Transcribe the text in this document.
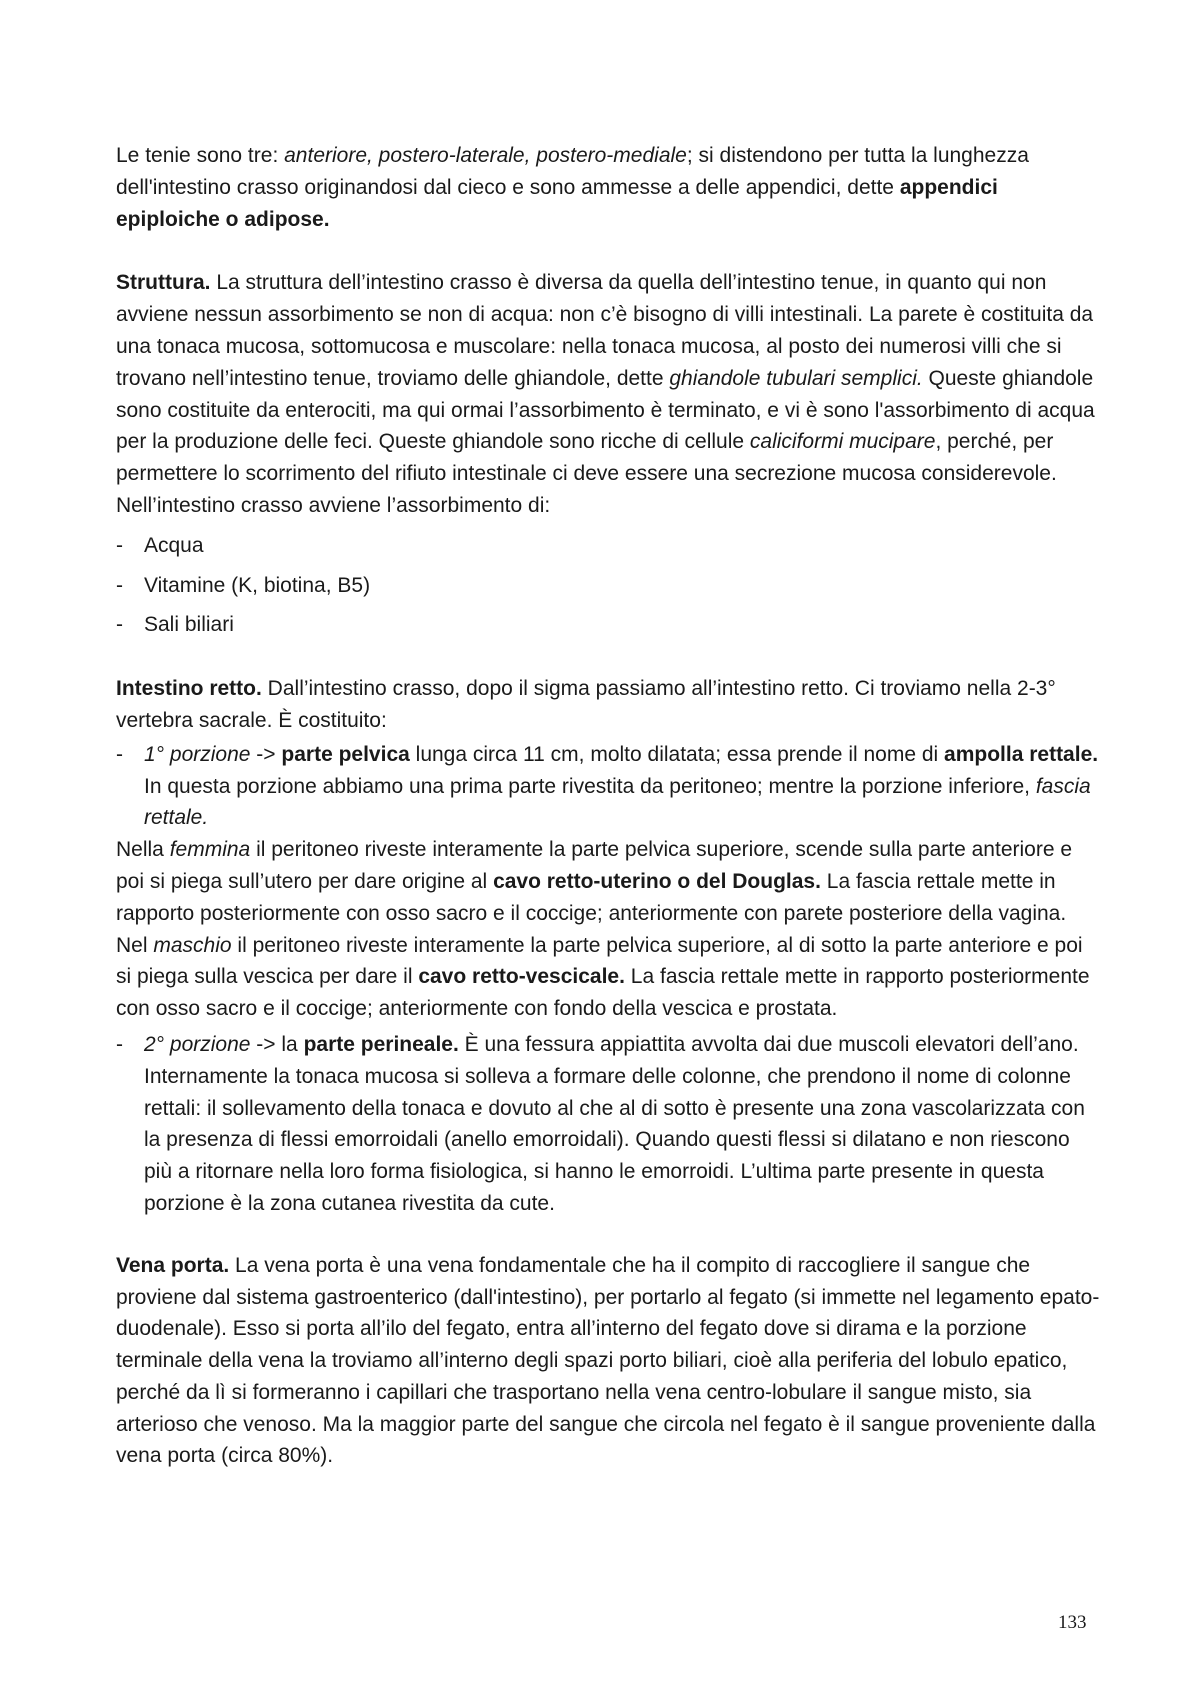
Le tenie sono tre: anteriore, postero-laterale, postero-mediale; si distendono per tutta la lunghezza dell'intestino crasso originandosi dal cieco e sono ammesse a delle appendici, dette appendici epiploiche o adipose.

Struttura. La struttura dell’intestino crasso è diversa da quella dell’intestino tenue, in quanto qui non avviene nessun assorbimento se non di acqua: non c’è bisogno di villi intestinali. La parete è costituita da una tonaca mucosa, sottomucosa e muscolare: nella tonaca mucosa, al posto dei numerosi villi che si trovano nell’intestino tenue, troviamo delle ghiandole, dette ghiandole tubulari semplici. Queste ghiandole sono costituite da enterociti, ma qui ormai l’assorbimento è terminato, e vi è sono l'assorbimento di acqua per la produzione delle feci. Queste ghiandole sono ricche di cellule caliciformi mucipare, perché, per permettere lo scorrimento del rifiuto intestinale ci deve essere una secrezione mucosa considerevole. Nell’intestino crasso avviene l’assorbimento di:

- Acqua
- Vitamine (K, biotina, B5)
- Sali biliari

Intestino retto. Dall’intestino crasso, dopo il sigma passiamo all’intestino retto. Ci troviamo nella 2-3° vertebra sacrale. È costituito:

- 1° porzione -> parte pelvica lunga circa 11 cm, molto dilatata; essa prende il nome di ampolla rettale. In questa porzione abbiamo una prima parte rivestita da peritoneo; mentre la porzione inferiore, fascia rettale.

Nella femmina il peritoneo riveste interamente la parte pelvica superiore, scende sulla parte anteriore e poi si piega sull’utero per dare origine al cavo retto-uterino o del Douglas. La fascia rettale mette in rapporto posteriormente con osso sacro e il coccige; anteriormente con parete posteriore della vagina.

Nel maschio il peritoneo riveste interamente la parte pelvica superiore, al di sotto la parte anteriore e poi si piega sulla vescica per dare il cavo retto-vescicale. La fascia rettale mette in rapporto posteriormente con osso sacro e il coccige; anteriormente con fondo della vescica e prostata.

- 2° porzione -> la parte perineale. È una fessura appiattita avvolta dai due muscoli elevatori dell’ano. Internamente la tonaca mucosa si solleva a formare delle colonne, che prendono il nome di colonne rettali: il sollevamento della tonaca e dovuto al che al di sotto è presente una zona vascolarizzata con la presenza di flessi emorroidali (anello emorroidali). Quando questi flessi si dilatano e non riescono più a ritornare nella loro forma fisiologica, si hanno le emorroidi. L’ultima parte presente in questa porzione è la zona cutanea rivestita da cute.

Vena porta. La vena porta è una vena fondamentale che ha il compito di raccogliere il sangue che proviene dal sistema gastroenterico (dall'intestino), per portarlo al fegato (si immette nel legamento epato-duodenale). Esso si porta all’ilo del fegato, entra all’interno del fegato dove si dirama e la porzione terminale della vena la troviamo all’interno degli spazi porto biliari, cioè alla periferia del lobulo epatico, perché da lì si formeranno i capillari che trasportano nella vena centro-lobulare il sangue misto, sia arterioso che venoso. Ma la maggior parte del sangue che circola nel fegato è il sangue proveniente dalla vena porta (circa 80%).

133
